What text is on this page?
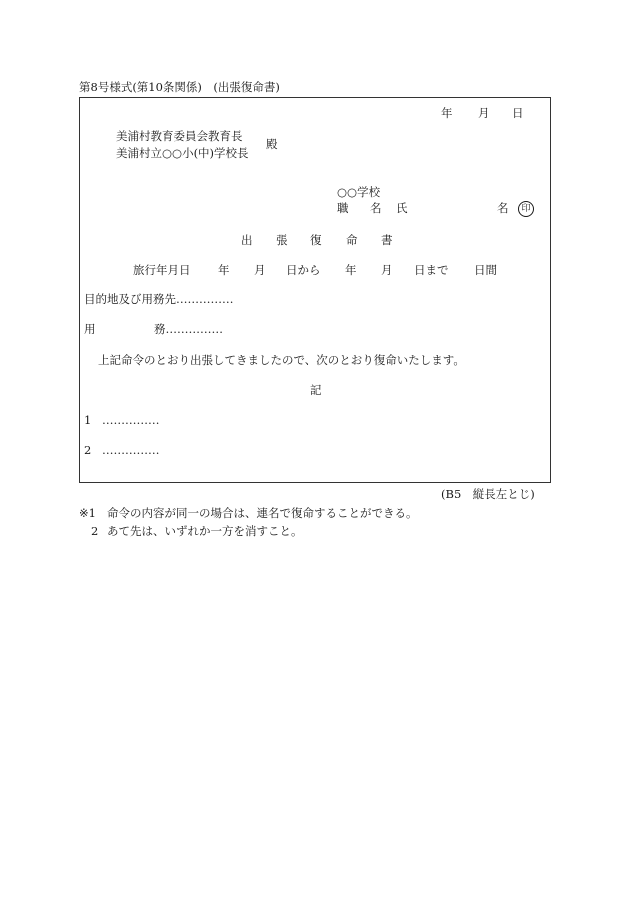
第8号様式(第10条関係)　(出張復命書)
年 月 日
美浦村教育委員会教育長
美浦村立○○小(中)学校長
殿
○○学校
職 名 氏	名	印
出 張 復 命 書
旅行年月日 年 月 日から 年 月 日まで 日間
目的地及び用務先……………
用	務……………
上記命令のとおり出張してきましたので、次のとおり復命いたします。
記
1 ……………
2 ……………
(B5　縦長左とじ)
※1 命令の内容が同一の場合は、連名で復命することができる。
2 あて先は、いずれか一方を消すこと。
